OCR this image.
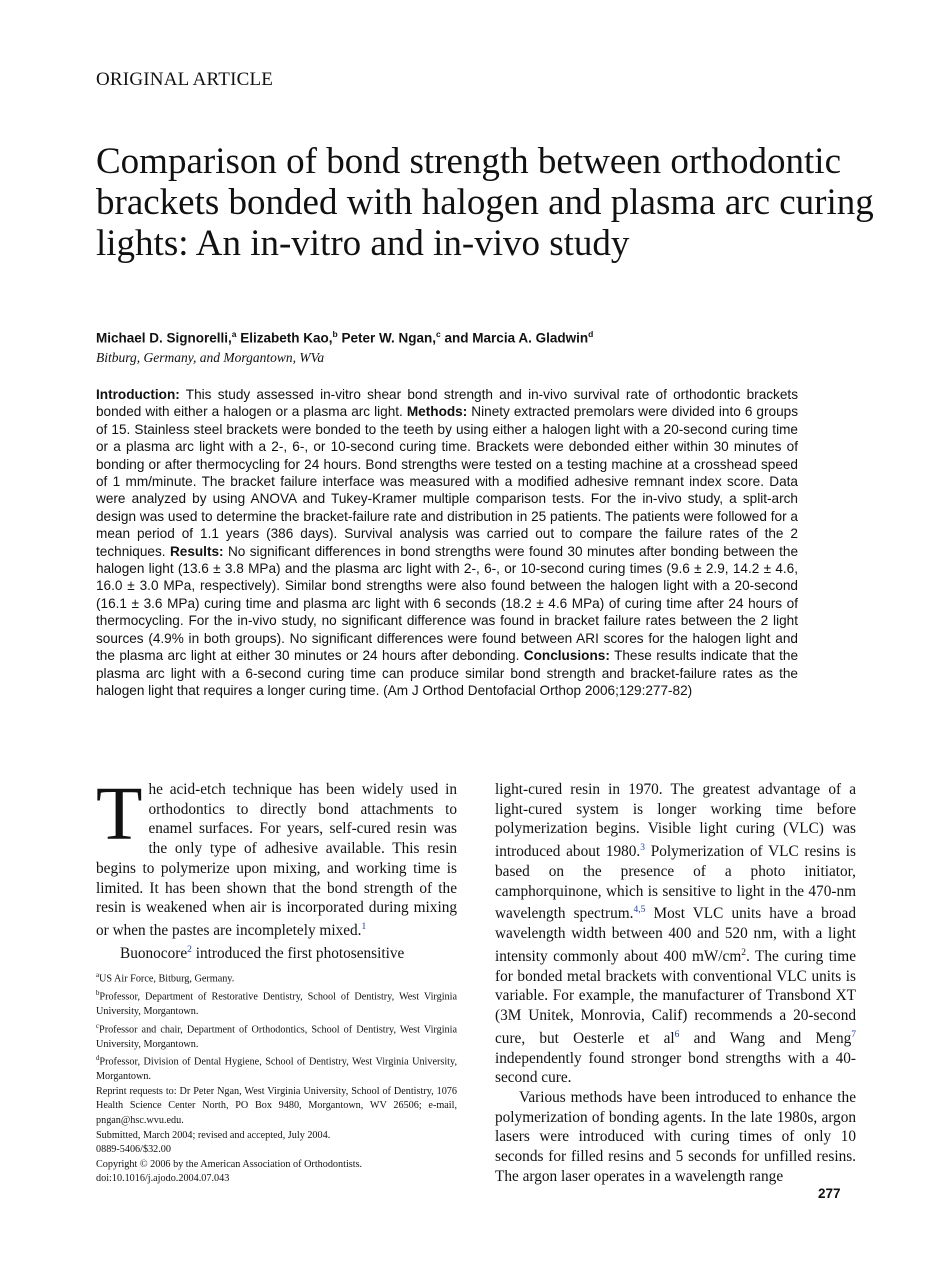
ORIGINAL ARTICLE
Comparison of bond strength between orthodontic brackets bonded with halogen and plasma arc curing lights: An in-vitro and in-vivo study
Michael D. Signorelli,$^a$ Elizabeth Kao,$^b$ Peter W. Ngan,$^c$ and Marcia A. Gladwin$^d$
Bitburg, Germany, and Morgantown, WVa

Introduction: This study assessed in-vitro shear bond strength and in-vivo survival rate of orthodontic brackets bonded with either a halogen or a plasma arc light. Methods: Ninety extracted premolars were divided into 6 groups of 15. Stainless steel brackets were bonded to the teeth by using either a halogen light with a 20-second curing time or a plasma arc light with a 2-, 6-, or 10-second curing time. Brackets were debonded either within 30 minutes of bonding or after thermocycling for 24 hours. Bond strengths were tested on a testing machine at a crosshead speed of 1 mm/minute. The bracket failure interface was measured with a modified adhesive remnant index score. Data were analyzed by using ANOVA and Tukey-Kramer multiple comparison tests. For the in-vivo study, a split-arch design was used to determine the bracket-failure rate and distribution in 25 patients. The patients were followed for a mean period of 1.1 years (386 days). Survival analysis was carried out to compare the failure rates of the 2 techniques. Results: No significant differences in bond strengths were found 30 minutes after bonding between the halogen light (13.6 ± 3.8 MPa) and the plasma arc light with 2-, 6-, or 10-second curing times (9.6 ± 2.9, 14.2 ± 4.6, 16.0 ± 3.0 MPa, respectively). Similar bond strengths were also found between the halogen light with a 20-second (16.1 ± 3.6 MPa) curing time and plasma arc light with 6 seconds (18.2 ± 4.6 MPa) of curing time after 24 hours of thermocycling. For the in-vivo study, no significant difference was found in bracket failure rates between the 2 light sources (4.9% in both groups). No significant differences were found between ARI scores for the halogen light and the plasma arc light at either 30 minutes or 24 hours after debonding. Conclusions: These results indicate that the plasma arc light with a 6-second curing time can produce similar bond strength and bracket-failure rates as the halogen light that requires a longer curing time. (Am J Orthod Dentofacial Orthop 2006;129:277-82)

The acid-etch technique has been widely used in orthodontics to directly bond attachments to enamel surfaces. For years, self-cured resin was the only type of adhesive available. This resin begins to polymerize upon mixing, and working time is limited. It has been shown that the bond strength of the resin is weakened when air is incorporated during mixing or when the pastes are incompletely mixed.$^1$

Buonocore$^2$ introduced the first photosensitive

$^a$US Air Force, Bitburg, Germany.
$^b$Professor, Department of Restorative Dentistry, School of Dentistry, West Virginia University, Morgantown.
$^c$Professor and chair, Department of Orthodontics, School of Dentistry, West Virginia University, Morgantown.
$^d$Professor, Division of Dental Hygiene, School of Dentistry, West Virginia University, Morgantown.
Reprint requests to: Dr Peter Ngan, West Virginia University, School of Dentistry, 1076 Health Science Center North, PO Box 9480, Morgantown, WV 26506; e-mail, pngan@hsc.wvu.edu.
Submitted, March 2004; revised and accepted, July 2004.
0889-5406/$32.00
Copyright © 2006 by the American Association of Orthodontists.
doi:10.1016/j.ajodo.2004.07.043

light-cured resin in 1970. The greatest advantage of a light-cured system is longer working time before polymerization begins. Visible light curing (VLC) was introduced about 1980.$^3$ Polymerization of VLC resins is based on the presence of a photo initiator, camphorquinone, which is sensitive to light in the 470-nm wavelength spectrum.$^{4,5}$ Most VLC units have a broad wavelength width between 400 and 520 nm, with a light intensity commonly about 400 $mW/cm^2$. The curing time for bonded metal brackets with conventional VLC units is variable. For example, the manufacturer of Transbond XT (3M Unitek, Monrovia, Calif) recommends a 20-second cure, but Oesterle et al$^6$ and Wang and Meng$^7$ independently found stronger bond strengths with a 40-second cure.

Various methods have been introduced to enhance the polymerization of bonding agents. In the late 1980s, argon lasers were introduced with curing times of only 10 seconds for filled resins and 5 seconds for unfilled resins. The argon laser operates in a wavelength range

277
